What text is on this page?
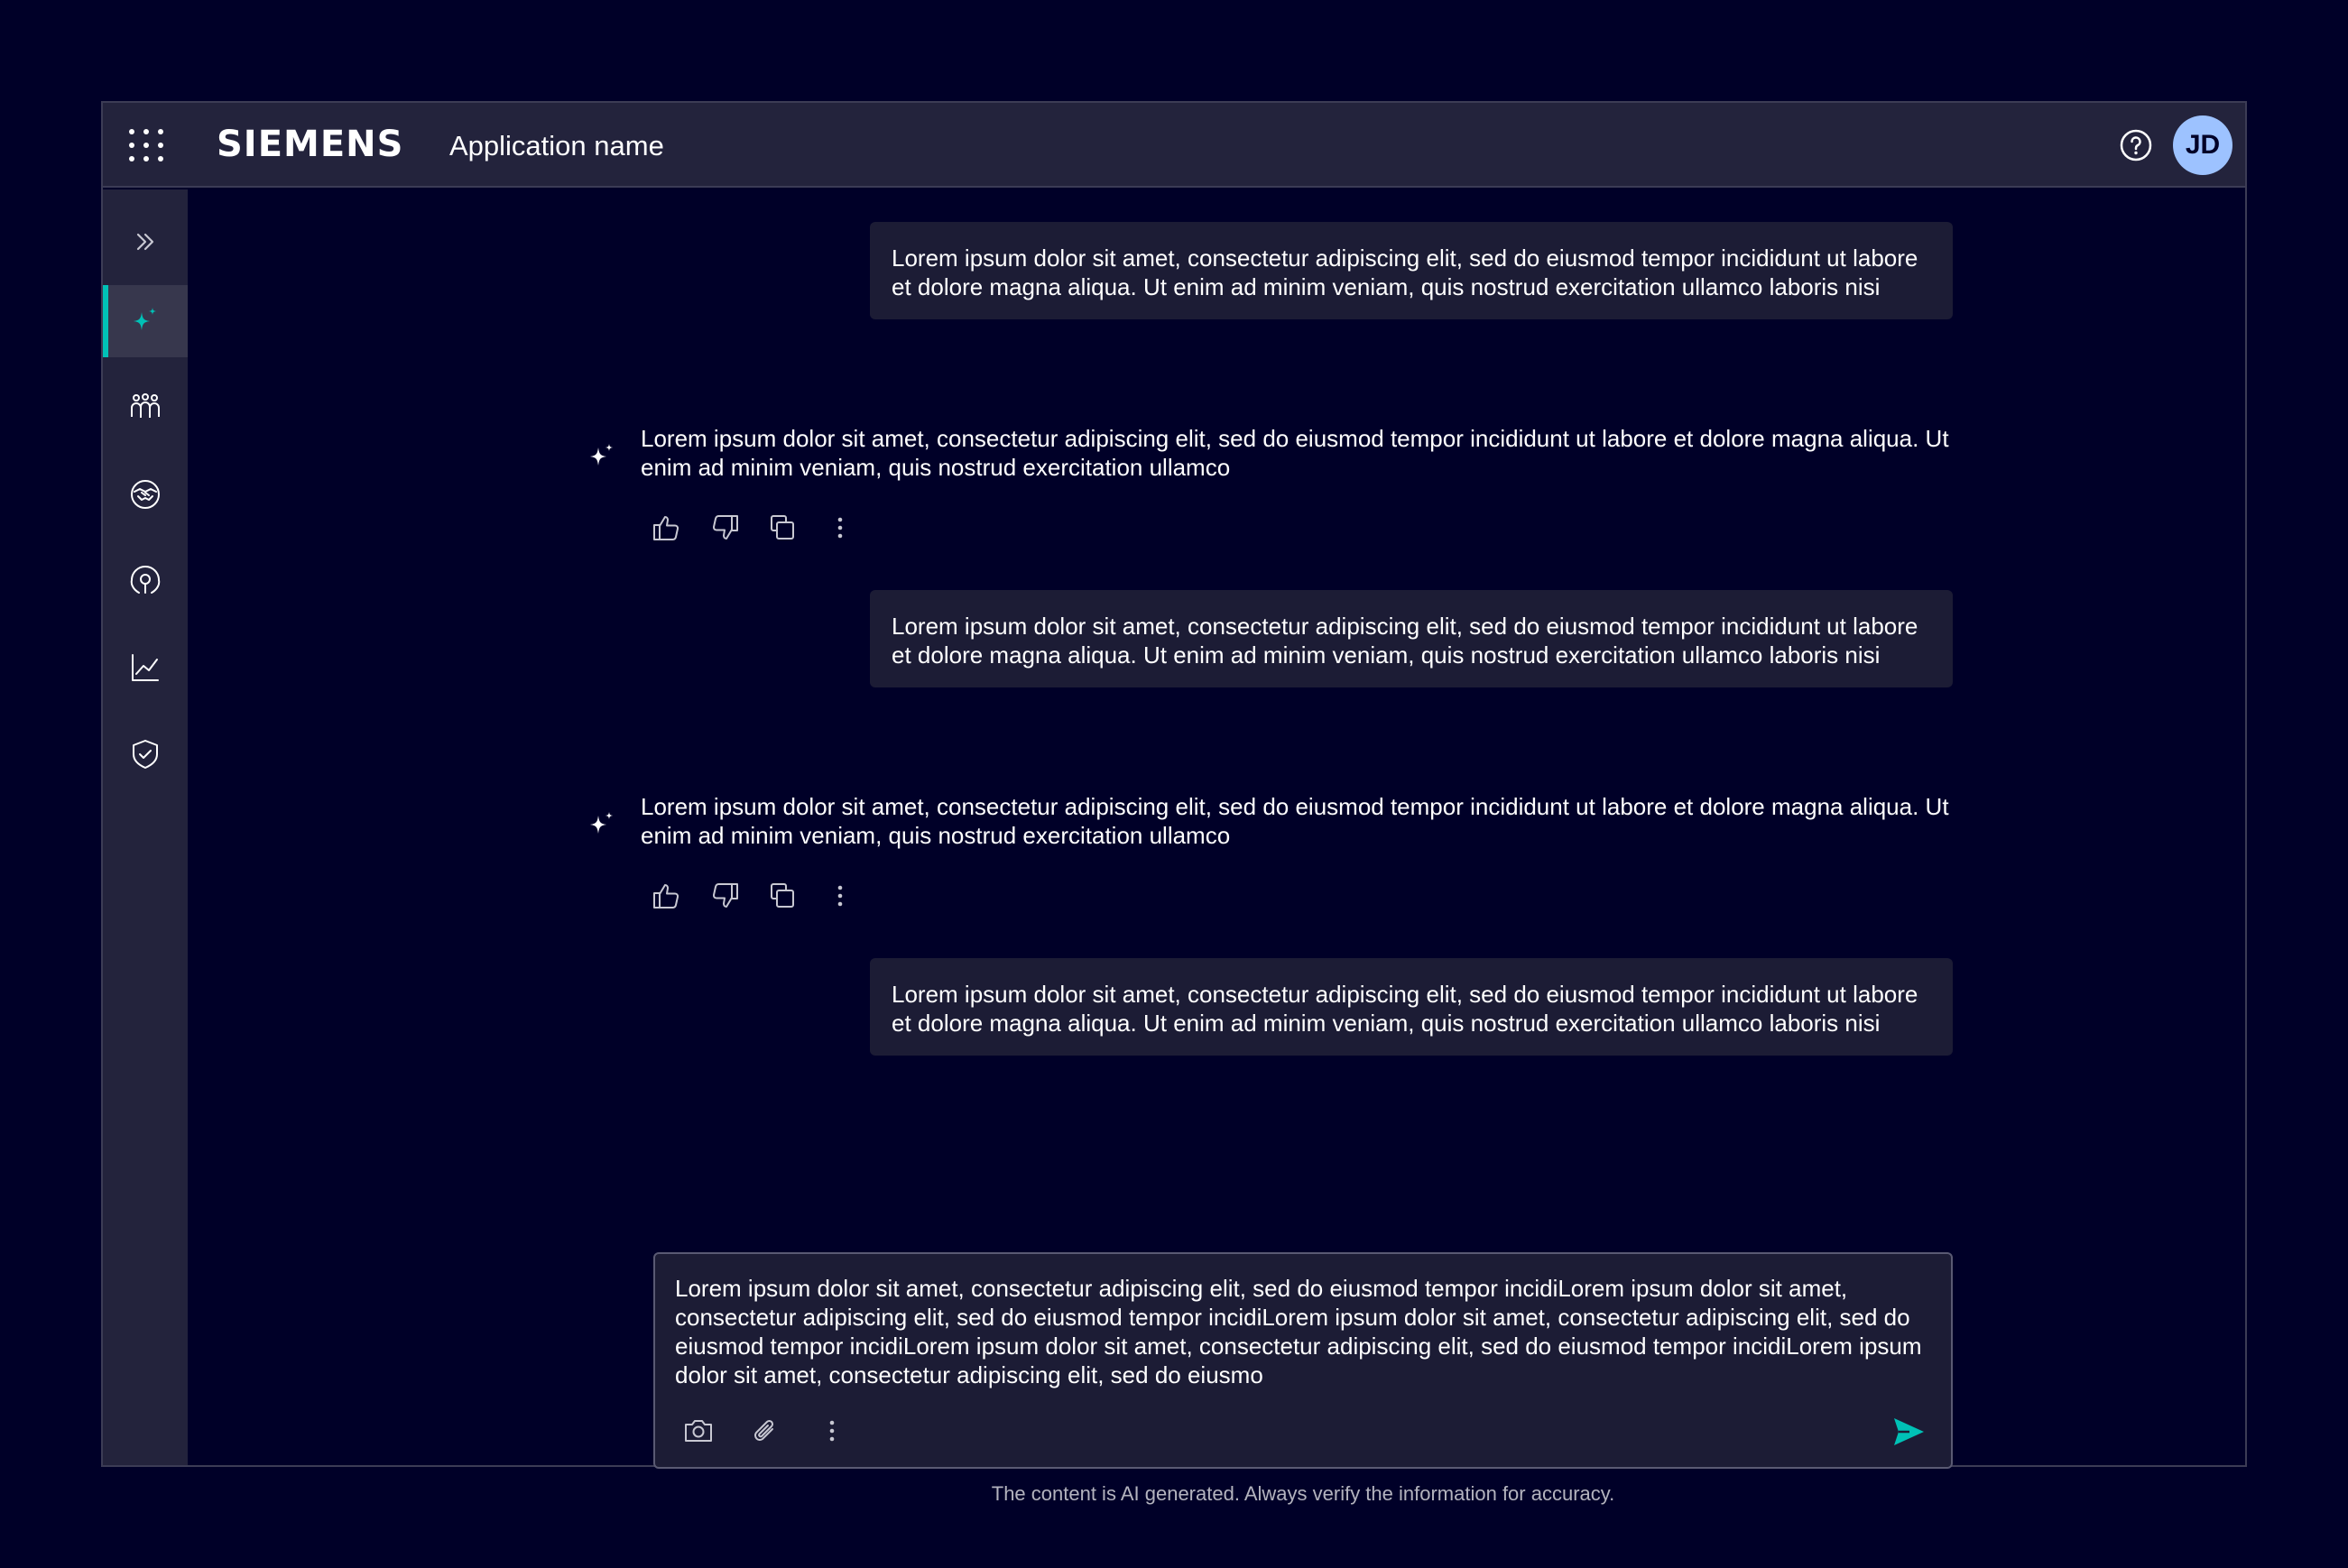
SIEMENS Application name	JD
Lorem ipsum dolor sit amet, consectetur adipiscing elit, sed do eiusmod tempor incididunt ut labore et dolore magna aliqua. Ut enim ad minim veniam, quis nostrud exercitation ullamco laboris nisi
Lorem ipsum dolor sit amet, consectetur adipiscing elit, sed do eiusmod tempor incididunt ut labore et dolore magna aliqua. Ut enim ad minim veniam, quis nostrud exercitation ullamco
Lorem ipsum dolor sit amet, consectetur adipiscing elit, sed do eiusmod tempor incididunt ut labore et dolore magna aliqua. Ut enim ad minim veniam, quis nostrud exercitation ullamco laboris nisi
Lorem ipsum dolor sit amet, consectetur adipiscing elit, sed do eiusmod tempor incididunt ut labore et dolore magna aliqua. Ut enim ad minim veniam, quis nostrud exercitation ullamco
Lorem ipsum dolor sit amet, consectetur adipiscing elit, sed do eiusmod tempor incididunt ut labore et dolore magna aliqua. Ut enim ad minim veniam, quis nostrud exercitation ullamco laboris nisi
Lorem ipsum dolor sit amet, consectetur adipiscing elit, sed do eiusmod tempor incidiLorem ipsum dolor sit amet, consectetur adipiscing elit, sed do eiusmod tempor incidiLorem ipsum dolor sit amet, consectetur adipiscing elit, sed do eiusmod tempor incidiLorem ipsum dolor sit amet, consectetur adipiscing elit, sed do eiusmod tempor incidiLorem ipsum dolor sit amet, consectetur adipiscing elit, sed do eiusmo
The content is AI generated. Always verify the information for accuracy.
